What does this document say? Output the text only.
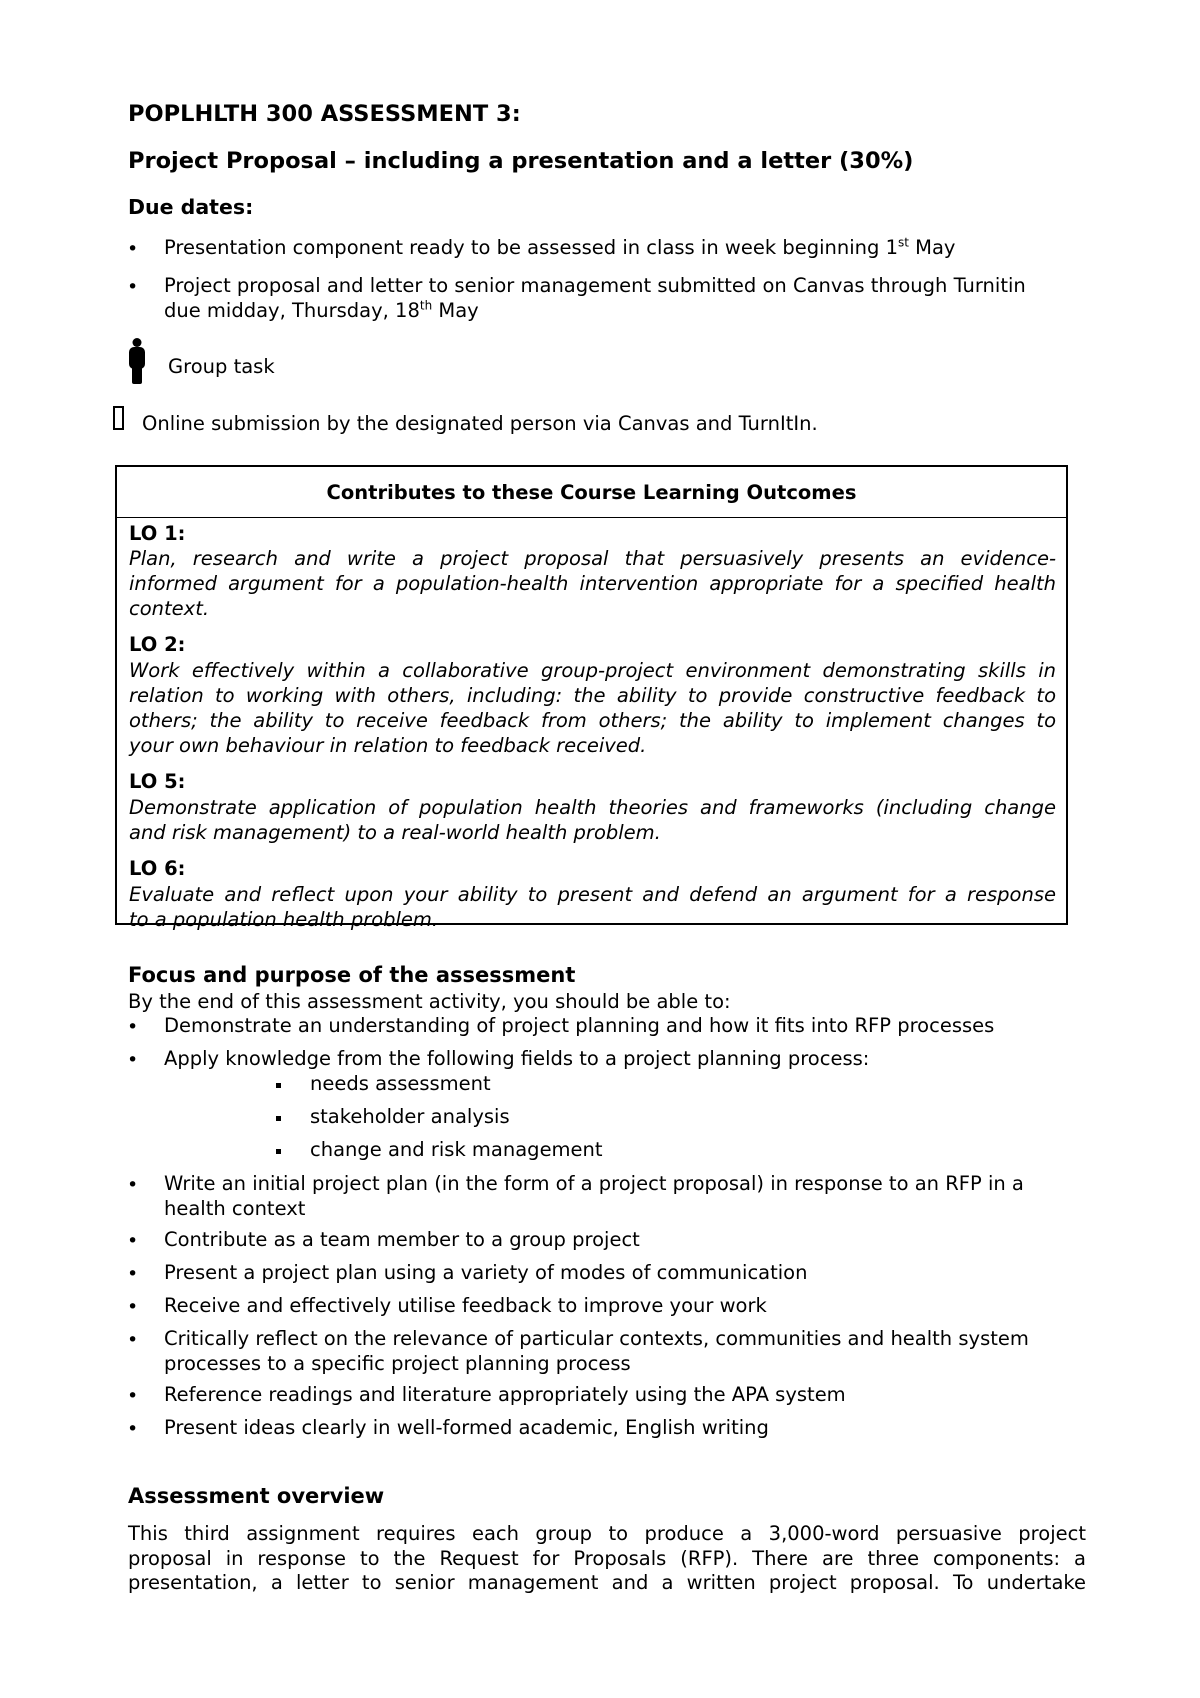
POPLHLTH 300 ASSESSMENT 3:
Project Proposal – including a presentation and a letter (30%)
Due dates:
• Presentation component ready to be assessed in class in week beginning 1st May
• Project proposal and letter to senior management submitted on Canvas through Turnitin
due midday, Thursday, 18th May
Group task
Online submission by the designated person via Canvas and TurnItIn.
Contributes to these Course Learning Outcomes
LO 1:
Plan, research and write a project proposal that persuasively presents an evidence-
informed argument for a population-health intervention appropriate for a specified health
context.
LO 2:
Work effectively within a collaborative group-project environment demonstrating skills in
relation to working with others, including: the ability to provide constructive feedback to
others; the ability to receive feedback from others; the ability to implement changes to
your own behaviour in relation to feedback received.
LO 5:
Demonstrate application of population health theories and frameworks (including change
and risk management) to a real-world health problem.
LO 6:
Evaluate and reflect upon your ability to present and defend an argument for a response
to a population health problem.
Focus and purpose of the assessment
By the end of this assessment activity, you should be able to:
• Demonstrate an understanding of project planning and how it fits into RFP processes
• Apply knowledge from the following fields to a project planning process:
needs assessment
stakeholder analysis
change and risk management
• Write an initial project plan (in the form of a project proposal) in response to an RFP in a
health context
• Contribute as a team member to a group project
• Present a project plan using a variety of modes of communication
• Receive and effectively utilise feedback to improve your work
• Critically reflect on the relevance of particular contexts, communities and health system
processes to a specific project planning process
• Reference readings and literature appropriately using the APA system
• Present ideas clearly in well-formed academic, English writing
Assessment overview
This third assignment requires each group to produce a 3,000-word persuasive project
proposal in response to the Request for Proposals (RFP). There are three components: a
presentation, a letter to senior management and a written project proposal. To undertake
